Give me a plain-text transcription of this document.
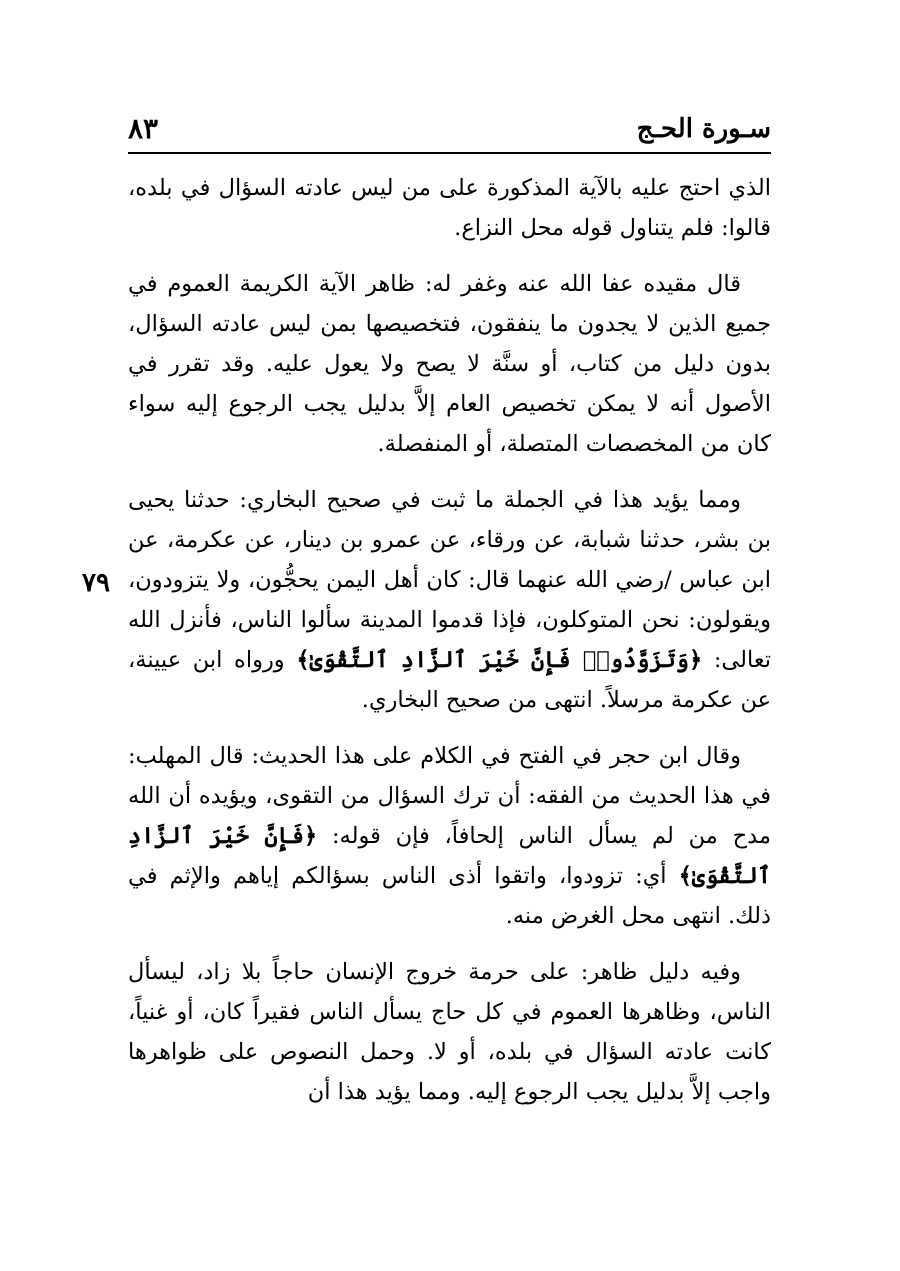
سـورة الحـج
٨٣
٧٩

الذي احتج عليه بالآية المذكورة على من ليس عادته السؤال في بلده، قالوا: فلم يتناول قوله محل النزاع.

قال مقيده عفا الله عنه وغفر له: ظاهر الآية الكريمة العموم في جميع الذين لا يجدون ما ينفقون، فتخصيصها بمن ليس عادته السؤال، بدون دليل من كتاب، أو سنَّة لا يصح ولا يعول عليه. وقد تقرر في الأصول أنه لا يمكن تخصيص العام إلاَّ بدليل يجب الرجوع إليه سواء كان من المخصصات المتصلة، أو المنفصلة.

ومما يؤيد هذا في الجملة ما ثبت في صحيح البخاري: حدثنا يحيى بن بشر، حدثنا شبابة، عن ورقاء، عن عمرو بن دينار، عن عكرمة، عن ابن عباس /رضي الله عنهما قال: كان أهل اليمن يحجُّون، ولا يتزودون، ويقولون: نحن المتوكلون، فإذا قدموا المدينة سألوا الناس، فأنزل الله تعالى: ﴿وَتَزَوَّدُوا۟ فَإِنَّ خَيْرَ ٱلزَّادِ ٱلتَّقْوَىٰ﴾ ورواه ابن عيينة، عن عكرمة مرسلاً. انتهى من صحيح البخاري.

وقال ابن حجر في الفتح في الكلام على هذا الحديث: قال المهلب: في هذا الحديث من الفقه: أن ترك السؤال من التقوى، ويؤيده أن الله مدح من لم يسأل الناس إلحافاً، فإن قوله: ﴿فَإِنَّ خَيْرَ ٱلزَّادِ ٱلتَّقْوَىٰ﴾ أي: تزودوا، واتقوا أذى الناس بسؤالكم إياهم والإثم في ذلك. انتهى محل الغرض منه.

وفيه دليل ظاهر: على حرمة خروج الإنسان حاجاً بلا زاد، ليسأل الناس، وظاهرها العموم في كل حاج يسأل الناس فقيراً كان، أو غنياً، كانت عادته السؤال في بلده، أو لا. وحمل النصوص على ظواهرها واجب إلاَّ بدليل يجب الرجوع إليه. ومما يؤيد هذا أن
